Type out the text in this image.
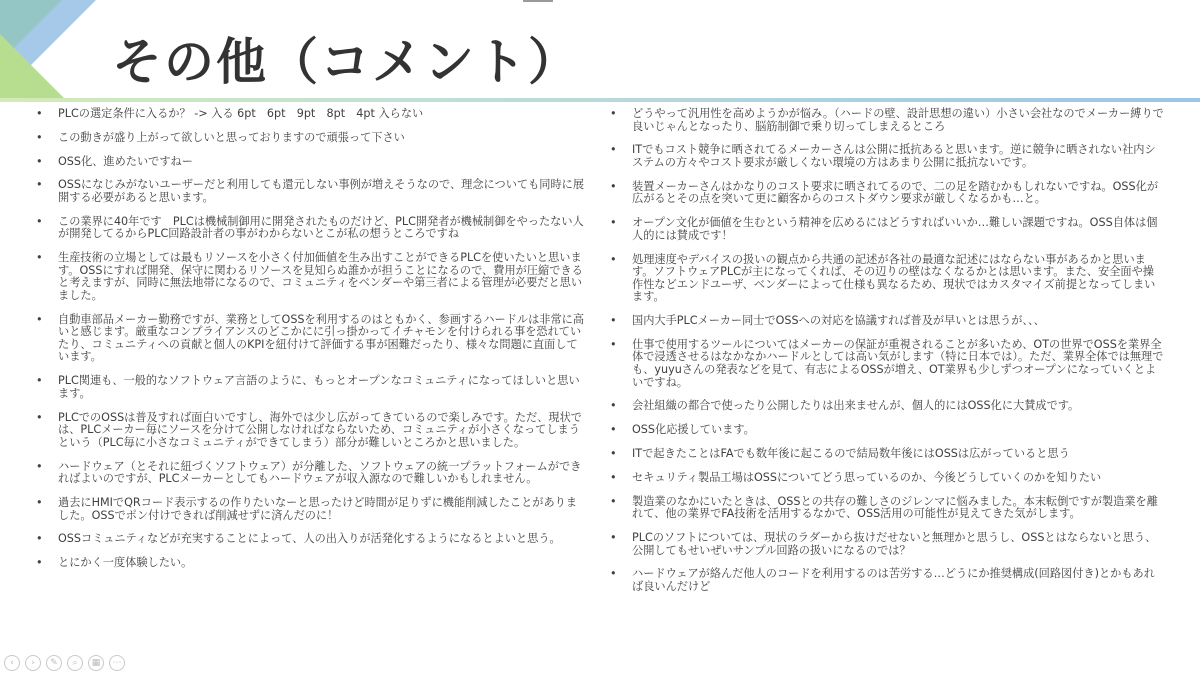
その他（コメント）
• PLCの選定条件に入るか？ -> 入る 6pt　6pt　9pt　8pt　4pt 入らない
• この動きが盛り上がって欲しいと思っておりますので頑張って下さい
• OSS化、進めたいですねー
• OSSになじみがないユーザーだと利用しても還元しない事例が増えそうなので、理念についても同時に展開する必要があると思います。
• この業界に40年です　PLCは機械制御用に開発されたものだけど、PLC開発者が機械制御をやったない人が開発してるからPLC回路設計者の事がわからないとこが私の想うところですね
• 生産技術の立場としては最もリソースを小さく付加価値を生み出すことができるPLCを使いたいと思います。OSSにすれば開発、保守に関わるリソースを見知らぬ誰かが担うことになるので、費用が圧縮できると考えますが、同時に無法地帯になるので、コミュニティをベンダーや第三者による管理が必要だと思いました。
• 自動車部品メーカー勤務ですが、業務としてOSSを利用するのはともかく、参画するハードルは非常に高いと感じます。厳重なコンプライアンスのどこかにに引っ掛かってイチャモンを付けられる事を恐れていたり、コミュニティへの貢献と個人のKPIを紐付けて評価する事が困難だったり、様々な問題に直面しています。
• PLC関連も、一般的なソフトウェア言語のように、もっとオープンなコミュニティになってほしいと思います。
• PLCでのOSSは普及すれば面白いですし、海外では少し広がってきているので楽しみです。ただ、現状では、PLCメーカー毎にソースを分けて公開しなければならないため、コミュニティが小さくなってしまうという（PLC毎に小さなコミュニティができてしまう）部分が難しいところかと思いました。
• ハードウェア（とそれに紐づくソフトウェア）が分離した、ソフトウェアの統一プラットフォームができればよいのですが、PLCメーカーとしてもハードウェアが収入源なので難しいかもしれません。
• 過去にHMIでQRコード表示するの作りたいなーと思ったけど時間が足りずに機能削減したことがありました。OSSでポン付けできれば削減せずに済んだのに！
• OSSコミュニティなどが充実することによって、人の出入りが活発化するようになるとよいと思う。
• とにかく一度体験したい。
• どうやって汎用性を高めようかが悩み。（ハードの壁、設計思想の違い）小さい会社なのでメーカー縛りで良いじゃんとなったり、脳筋制御で乗り切ってしまえるところ
• ITでもコスト競争に晒されてるメーカーさんは公開に抵抗あると思います。逆に競争に晒されない社内システムの方々やコスト要求が厳しくない環境の方はあまり公開に抵抗ないです。
• 装置メーカーさんはかなりのコスト要求に晒されてるので、二の足を踏むかもしれないですね。OSS化が広がるとその点を突いて更に顧客からのコストダウン要求が厳しくなるかも…と。
• オープン文化が価値を生むという精神を広めるにはどうすればいいか…難しい課題ですね。OSS自体は個人的には賛成です！
• 処理速度やデバイスの扱いの観点から共通の記述が各社の最適な記述にはならない事があるかと思います。ソフトウェアPLCが主になってくれば、その辺りの壁はなくなるかとは思います。また、安全面や操作性などエンドユーザ、ベンダーによって仕様も異なるため、現状ではカスタマイズ前提となってしまいます。
• 国内大手PLCメーカー同士でOSSへの対応を協議すれば普及が早いとは思うが、、、
• 仕事で使用するツールについてはメーカーの保証が重視されることが多いため、OTの世界でOSSを業界全体で浸透させるはなかなかハードルとしては高い気がします（特に日本では）。ただ、業界全体では無理でも、yuyuさんの発表などを見て、有志によるOSSが増え、OT業界も少しずつオープンになっていくとよいですね。
• 会社組織の都合で使ったり公開したりは出来ませんが、個人的にはOSS化に大賛成です。
• OSS化応援しています。
• ITで起きたことはFAでも数年後に起こるので結局数年後にはOSSは広がっていると思う
• セキュリティ製品工場はOSSについてどう思っているのか、今後どうしていくのかを知りたい
• 製造業のなかにいたときは、OSSとの共存の難しさのジレンマに悩みました。本末転倒ですが製造業を離れて、他の業界でFA技術を活用するなかで、OSS活用の可能性が見えてきた気がします。
• PLCのソフトについては、現状のラダーから抜けだせないと無理かと思うし、OSSとはならないと思う、公開してもせいぜいサンプル回路の扱いになるのでは？
• ハードウェアが絡んだ他人のコードを利用するのは苦労する…どうにか推奨構成(回路図付き)とかもあれば良いんだけど
‹	›	✎	⌕	▦	⋯
